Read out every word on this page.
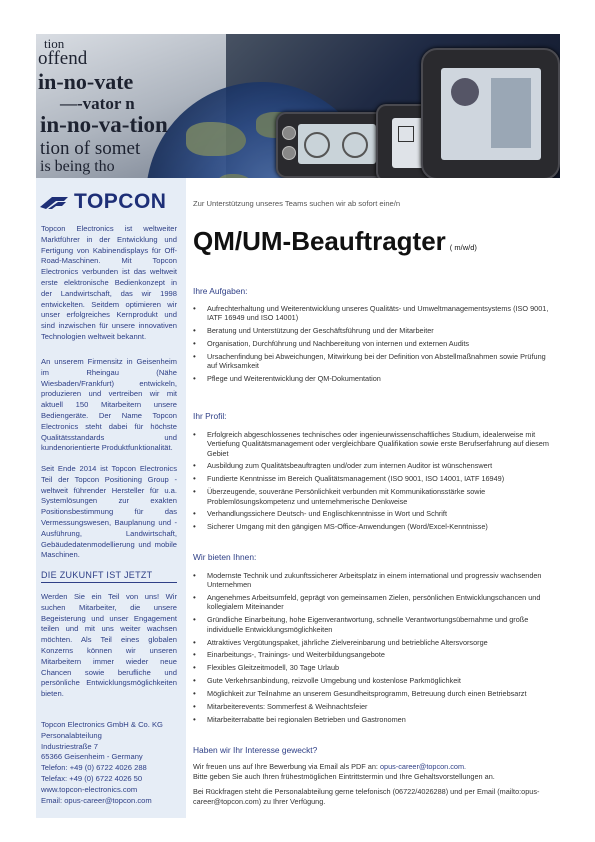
tion
offend
in-no-vate
—-vator n
in-no-va-tion
tion of somet
is being tho
TOPCON
Topcon Electronics ist weltweiter Marktführer in der Entwicklung und Fertigung von Kabinendisplays für Off-Road-Maschinen. Mit Topcon Electronics verbunden ist das weltweit erste elektronische Bedienkonzept in der Landwirtschaft, das wir 1998 entwickelten. Seitdem optimieren wir unser erfolgreiches Kernprodukt und sind inzwischen für unsere innovativen Technologien weltweit bekannt.
An unserem Firmensitz in Geisenheim im Rheingau (Nähe Wiesbaden/Frankfurt) entwickeln, produzieren und vertreiben wir mit aktuell 150 Mitarbeitern unsere Bediengeräte. Der Name Topcon Electronics steht dabei für höchste Qualitätsstandards und kundenorientierte Produktfunktionalität.
Seit Ende 2014 ist Topcon Electronics Teil der Topcon Positioning Group - weltweit führender Hersteller für u.a. Systemlösungen zur exakten Positionsbestimmung für das Vermessungswesen, Bauplanung und -Ausführung, Landwirtschaft, Gebäudedatenmodellierung und mobile Maschinen.
DIE ZUKUNFT IST JETZT
Werden Sie ein Teil von uns! Wir suchen Mitarbeiter, die unsere Begeisterung und unser Engagement teilen und mit uns weiter wachsen möchten. Als Teil eines globalen Konzerns können wir unseren Mitarbeitern immer wieder neue Chancen sowie berufliche und persönliche Entwicklungsmöglichkeiten bieten.
Topcon Electronics GmbH & Co. KG
Personalabteilung
Industriestraße 7
65366 Geisenheim - Germany
Telefon: +49 (0) 6722 4026 288
Telefax: +49 (0) 6722 4026 50
www.topcon-electronics.com
Email: opus-career@topcon.com
Zur Unterstützung unseres Teams suchen wir ab sofort eine/n
QM/UM-Beauftragter ( m/w/d)
Ihre Aufgaben:
• Aufrechterhaltung und Weiterentwicklung unseres Qualitäts- und Umweltmanagementsystems (ISO 9001, IATF 16949 und ISO 14001)
• Beratung und Unterstützung der Geschäftsführung und der Mitarbeiter
• Organisation, Durchführung und Nachbereitung von internen und externen Audits
• Ursachenfindung bei Abweichungen, Mitwirkung bei der Definition von Abstellmaßnahmen sowie Prüfung auf Wirksamkeit
• Pflege und Weiterentwicklung der QM-Dokumentation
Ihr Profil:
• Erfolgreich abgeschlossenes technisches oder ingenieurwissenschaftliches Studium, idealerweise mit Vertiefung Qualitätsmanagement oder vergleichbare Qualifikation sowie erste Berufserfahrung auf diesem Gebiet
• Ausbildung zum Qualitätsbeauftragten und/oder zum internen Auditor ist wünschenswert
• Fundierte Kenntnisse im Bereich Qualitätsmanagement (ISO 9001, ISO 14001, IATF 16949)
• Überzeugende, souveräne Persönlichkeit verbunden mit Kommunikationsstärke sowie Problemlösungskompetenz und unternehmerische Denkweise
• Verhandlungssichere Deutsch- und Englischkenntnisse in Wort und Schrift
• Sicherer Umgang mit den gängigen MS-Office-Anwendungen (Word/Excel-Kenntnisse)
Wir bieten Ihnen:
• Modernste Technik und zukunftssicherer Arbeitsplatz in einem international und progressiv wachsenden Unternehmen
• Angenehmes Arbeitsumfeld, geprägt von gemeinsamen Zielen, persönlichen Entwicklungschancen und kollegialem Miteinander
• Gründliche Einarbeitung, hohe Eigenverantwortung, schnelle Verantwortungsübernahme und große individuelle Entwicklungsmöglichkeiten
• Attraktives Vergütungspaket, jährliche Zielvereinbarung und betriebliche Altersvorsorge
• Einarbeitungs-, Trainings- und Weiterbildungsangebote
• Flexibles Gleitzeitmodell, 30 Tage Urlaub
• Gute Verkehrsanbindung, reizvolle Umgebung und kostenlose Parkmöglichkeit
• Möglichkeit zur Teilnahme an unserem Gesundheitsprogramm, Betreuung durch einen Betriebsarzt
• Mitarbeiterevents: Sommerfest & Weihnachtsfeier
• Mitarbeiterrabatte bei regionalen Betrieben und Gastronomen
Haben wir Ihr Interesse geweckt?
Wir freuen uns auf Ihre Bewerbung via Email als PDF an: opus-career@topcon.com.
Bitte geben Sie auch Ihren frühestmöglichen Eintrittstermin und Ihre Gehaltsvorstellungen an.
Bei Rückfragen steht die Personalabteilung gerne telefonisch (06722/4026288) und per Email (mailto:opus-career@topcon.com) zu Ihrer Verfügung.
